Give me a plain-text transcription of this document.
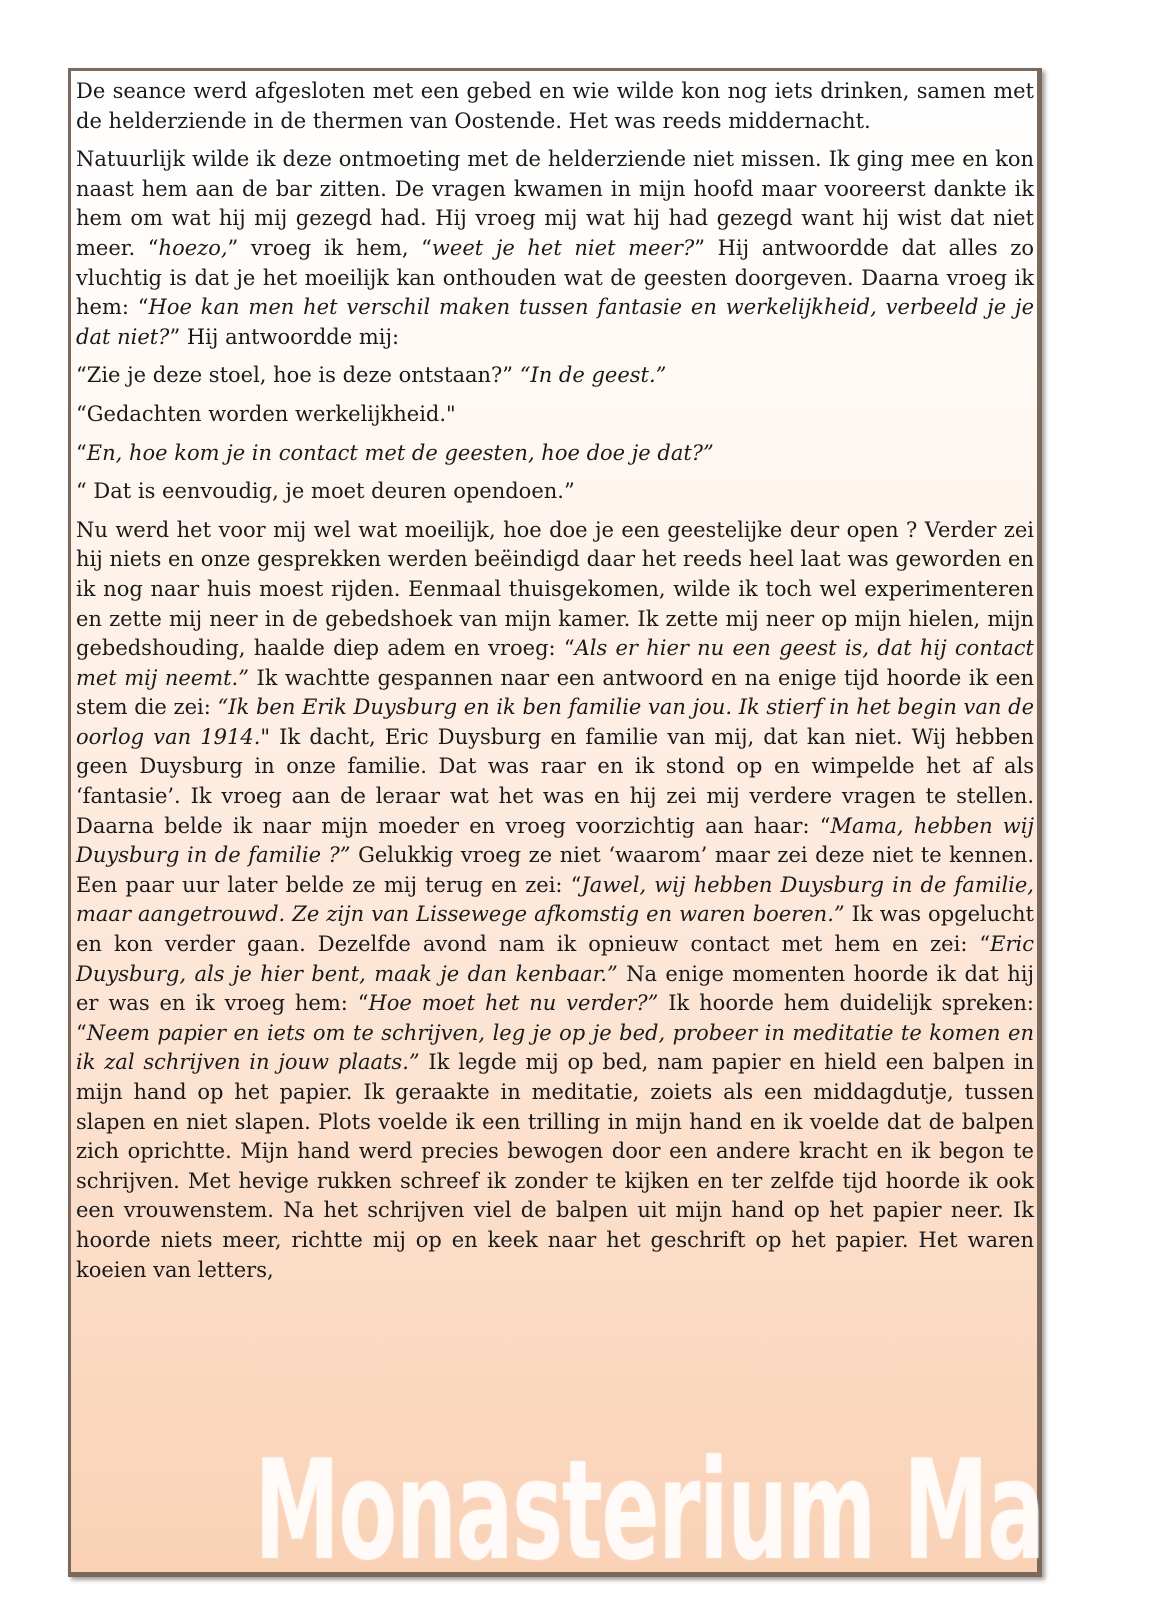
De seance werd afgesloten met een gebed en wie wilde kon nog iets drinken, samen met de helderziende in de thermen van Oostende. Het was reeds middernacht.

Natuurlijk wilde ik deze ontmoeting met de helderziende niet missen. Ik ging mee en kon naast hem aan de bar zitten. De vragen kwamen in mijn hoofd maar vooreerst dankte ik hem om wat hij mij gezegd had. Hij vroeg mij wat hij had gezegd want hij wist dat niet meer. “hoezo,” vroeg ik hem, “weet je het niet meer?” Hij antwoordde dat alles zo vluchtig is dat je het moeilijk kan onthouden wat de geesten doorgeven. Daarna vroeg ik hem: “Hoe kan men het verschil maken tussen fantasie en werkelijkheid, verbeeld je je dat niet?” Hij antwoordde mij:

“Zie je deze stoel, hoe is deze ontstaan?” “In de geest.”

“Gedachten worden werkelijkheid."

“En, hoe kom je in contact met de geesten, hoe doe je dat?”

“ Dat is eenvoudig, je moet deuren opendoen.”

Nu werd het voor mij wel wat moeilijk, hoe doe je een geestelijke deur open ? Verder zei hij niets en onze gesprekken werden beëindigd daar het reeds heel laat was geworden en ik nog naar huis moest rijden. Eenmaal thuisgekomen, wilde ik toch wel experimenteren en zette mij neer in de gebedshoek van mijn kamer. Ik zette mij neer op mijn hielen, mijn gebedshouding, haalde diep adem en vroeg: “Als er hier nu een geest is, dat hij contact met mij neemt.” Ik wachtte gespannen naar een antwoord en na enige tijd hoorde ik een stem die zei: “Ik ben Erik Duysburg en ik ben familie van jou. Ik stierf in het begin van de oorlog van 1914." Ik dacht, Eric Duysburg en familie van mij, dat kan niet. Wij hebben geen Duysburg in onze familie. Dat was raar en ik stond op en wimpelde het af als ‘fantasie’. Ik vroeg aan de leraar wat het was en hij zei mij verdere vragen te stellen. Daarna belde ik naar mijn moeder en vroeg voorzichtig aan haar: “Mama, hebben wij Duysburg in de familie ?” Gelukkig vroeg ze niet ‘waarom’ maar zei deze niet te kennen. Een paar uur later belde ze mij terug en zei: “Jawel, wij hebben Duysburg in de familie, maar aangetrouwd. Ze zijn van Lissewege afkomstig en waren boeren.” Ik was opgelucht en kon verder gaan. Dezelfde avond nam ik opnieuw contact met hem en zei: “Eric Duysburg, als je hier bent, maak je dan kenbaar.” Na enige momenten hoorde ik dat hij er was en ik vroeg hem: “Hoe moet het nu verder?” Ik hoorde hem duidelijk spreken: “Neem papier en iets om te schrijven, leg je op je bed, probeer in meditatie te komen en ik zal schrijven in jouw plaats.” Ik legde mij op bed, nam papier en hield een balpen in mijn hand op het papier. Ik geraakte in meditatie, zoiets als een middagdutje, tussen slapen en niet slapen. Plots voelde ik een trilling in mijn hand en ik voelde dat de balpen zich oprichtte. Mijn hand werd precies bewogen door een andere kracht en ik begon te schrijven. Met hevige rukken schreef ik zonder te kijken en ter zelfde tijd hoorde ik ook een vrouwenstem. Na het schrijven viel de balpen uit mijn hand op het papier neer. Ik hoorde niets meer, richtte mij op en keek naar het geschrift op het papier. Het waren koeien van letters,

Monasterium Maria
